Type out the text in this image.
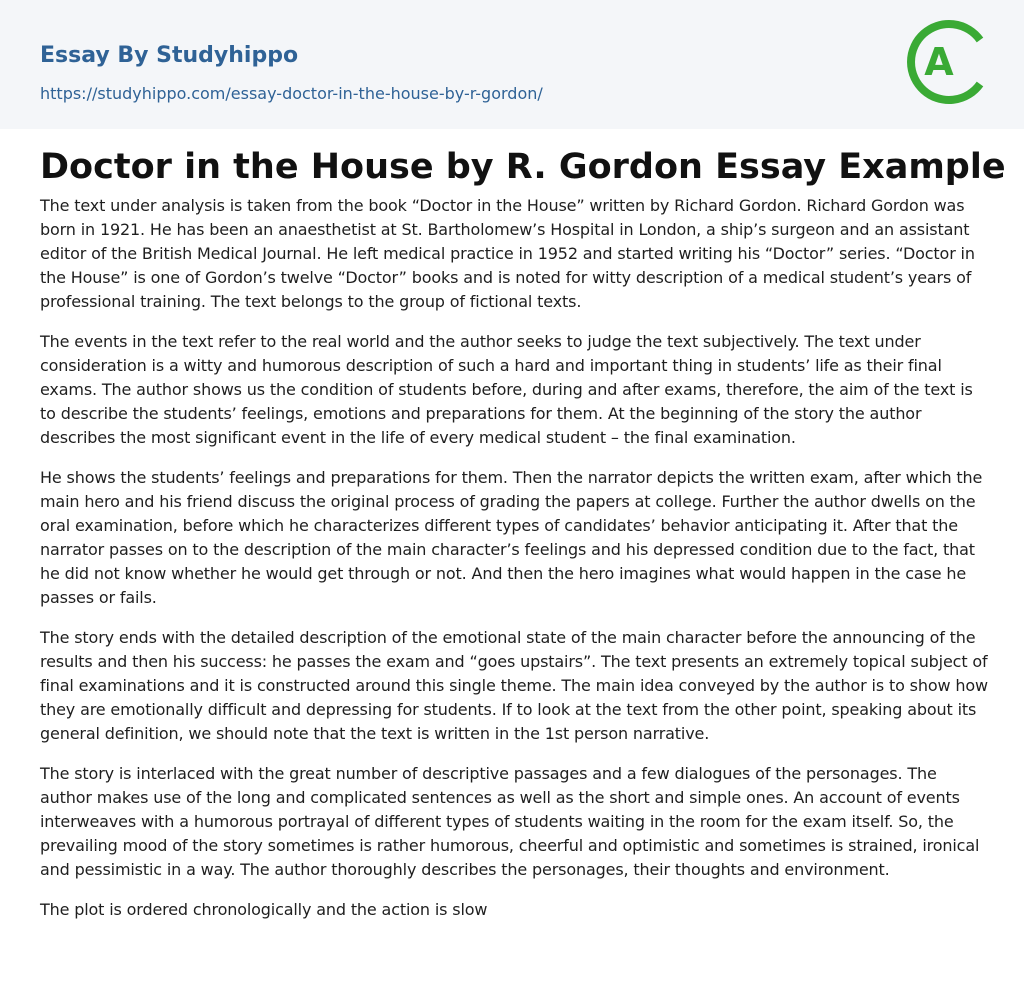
Essay By Studyhippo
https://studyhippo.com/essay-doctor-in-the-house-by-r-gordon/
A
Doctor in the House by R. Gordon Essay Example

The text under analysis is taken from the book “Doctor in the House” written by Richard Gordon. Richard Gordon was born in 1921. He has been an anaesthetist at St. Bartholomew’s Hospital in London, a ship’s surgeon and an assistant editor of the British Medical Journal. He left medical practice in 1952 and started writing his “Doctor” series. “Doctor in the House” is one of Gordon’s twelve “Doctor” books and is noted for witty description of a medical student’s years of professional training. The text belongs to the group of fictional texts.

The events in the text refer to the real world and the author seeks to judge the text subjectively. The text under consideration is a witty and humorous description of such a hard and important thing in students’ life as their final exams. The author shows us the condition of students before, during and after exams, therefore, the aim of the text is to describe the students’ feelings, emotions and preparations for them. At the beginning of the story the author describes the most significant event in the life of every medical student – the final examination.

He shows the students’ feelings and preparations for them. Then the narrator depicts the written exam, after which the main hero and his friend discuss the original process of grading the papers at college. Further the author dwells on the oral examination, before which he characterizes different types of candidates’ behavior anticipating it. After that the narrator passes on to the description of the main character’s feelings and his depressed condition due to the fact, that he did not know whether he would get through or not. And then the hero imagines what would happen in the case he passes or fails.

The story ends with the detailed description of the emotional state of the main character before the announcing of the results and then his success: he passes the exam and “goes upstairs”. The text presents an extremely topical subject of final examinations and it is constructed around this single theme. The main idea conveyed by the author is to show how they are emotionally difficult and depressing for students. If to look at the text from the other point, speaking about its general definition, we should note that the text is written in the 1st person narrative.

The story is interlaced with the great number of descriptive passages and a few dialogues of the personages. The author makes use of the long and complicated sentences as well as the short and simple ones. An account of events interweaves with a humorous portrayal of different types of students waiting in the room for the exam itself. So, the prevailing mood of the story sometimes is rather humorous, cheerful and optimistic and sometimes is strained, ironical and pessimistic in a way. The author thoroughly describes the personages, their thoughts and environment.

The plot is ordered chronologically and the action is slow
